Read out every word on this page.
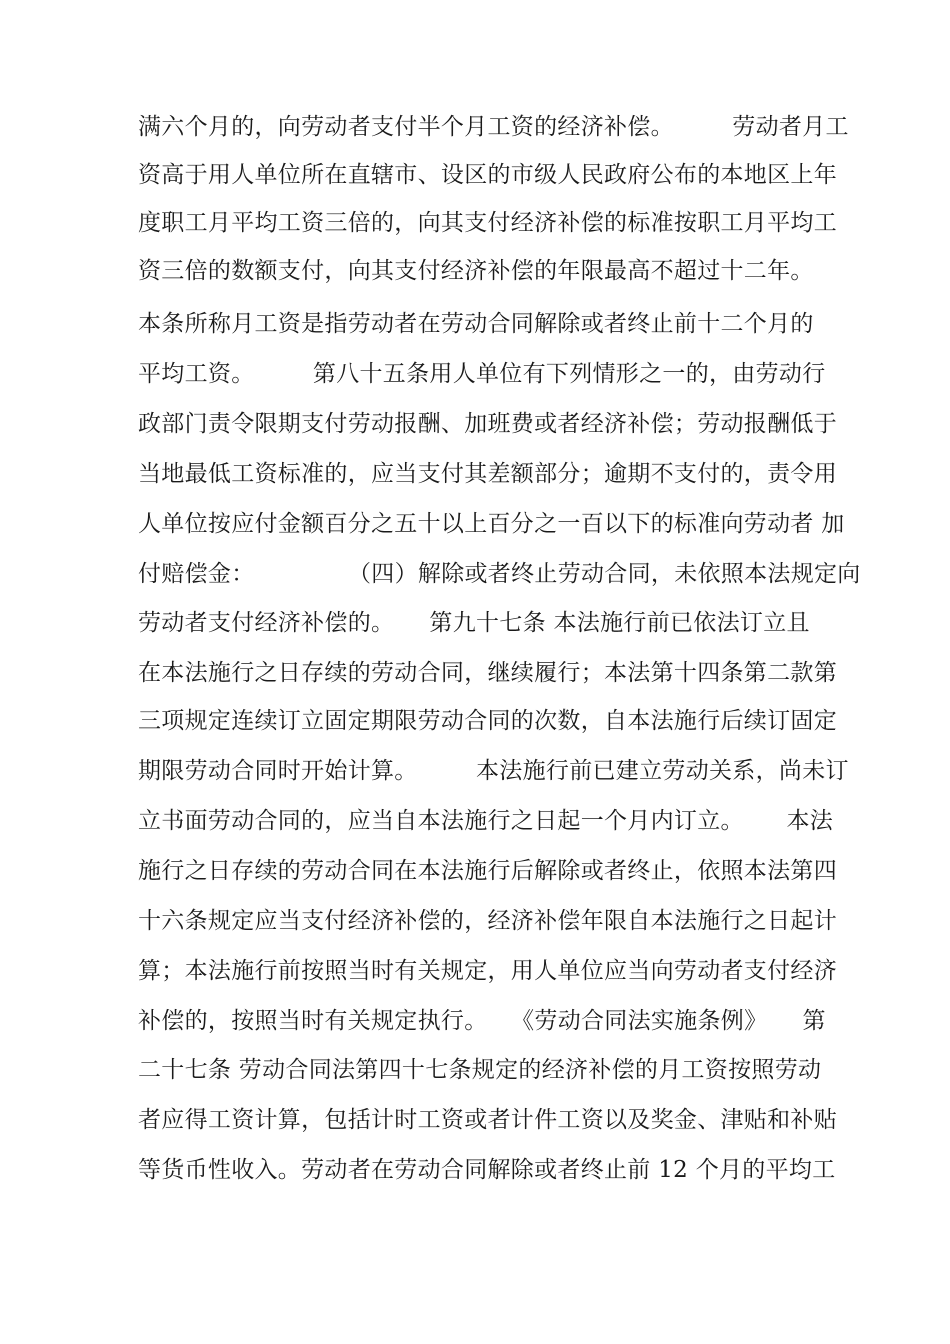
满六个月的，向劳动者支付半个月工资的经济补偿。　　　劳动者月工
资高于用人单位所在直辖市、设区的市级人民政府公布的本地区上年
度职工月平均工资三倍的，向其支付经济补偿的标准按职工月平均工
资三倍的数额支付，向其支付经济补偿的年限最高不超过十二年。
本条所称月工资是指劳动者在劳动合同解除或者终止前十二个月的
平均工资。　　　第八十五条用人单位有下列情形之一的，由劳动行
政部门责令限期支付劳动报酬、加班费或者经济补偿；劳动报酬低于
当地最低工资标准的，应当支付其差额部分；逾期不支付的，责令用
人单位按应付金额百分之五十以上百分之一百以下的标准向劳动者 加
付赔偿金：　　　　　（四）解除或者终止劳动合同，未依照本法规定向
劳动者支付经济补偿的。　　第九十七条 本法施行前已依法订立且
在本法施行之日存续的劳动合同，继续履行；本法第十四条第二款第
三项规定连续订立固定期限劳动合同的次数，自本法施行后续订固定
期限劳动合同时开始计算。　　　本法施行前已建立劳动关系，尚未订
立书面劳动合同的，应当自本法施行之日起一个月内订立。　　 本法
施行之日存续的劳动合同在本法施行后解除或者终止，依照本法第四
十六条规定应当支付经济补偿的，经济补偿年限自本法施行之日起计
算；本法施行前按照当时有关规定，用人单位应当向劳动者支付经济
补偿的，按照当时有关规定执行。　　《劳动合同法实施条例》　　第
二十七条 劳动合同法第四十七条规定的经济补偿的月工资按照劳动
者应得工资计算，包括计时工资或者计件工资以及奖金、津贴和补贴
等货币性收入。劳动者在劳动合同解除或者终止前 12 个月的平均工
